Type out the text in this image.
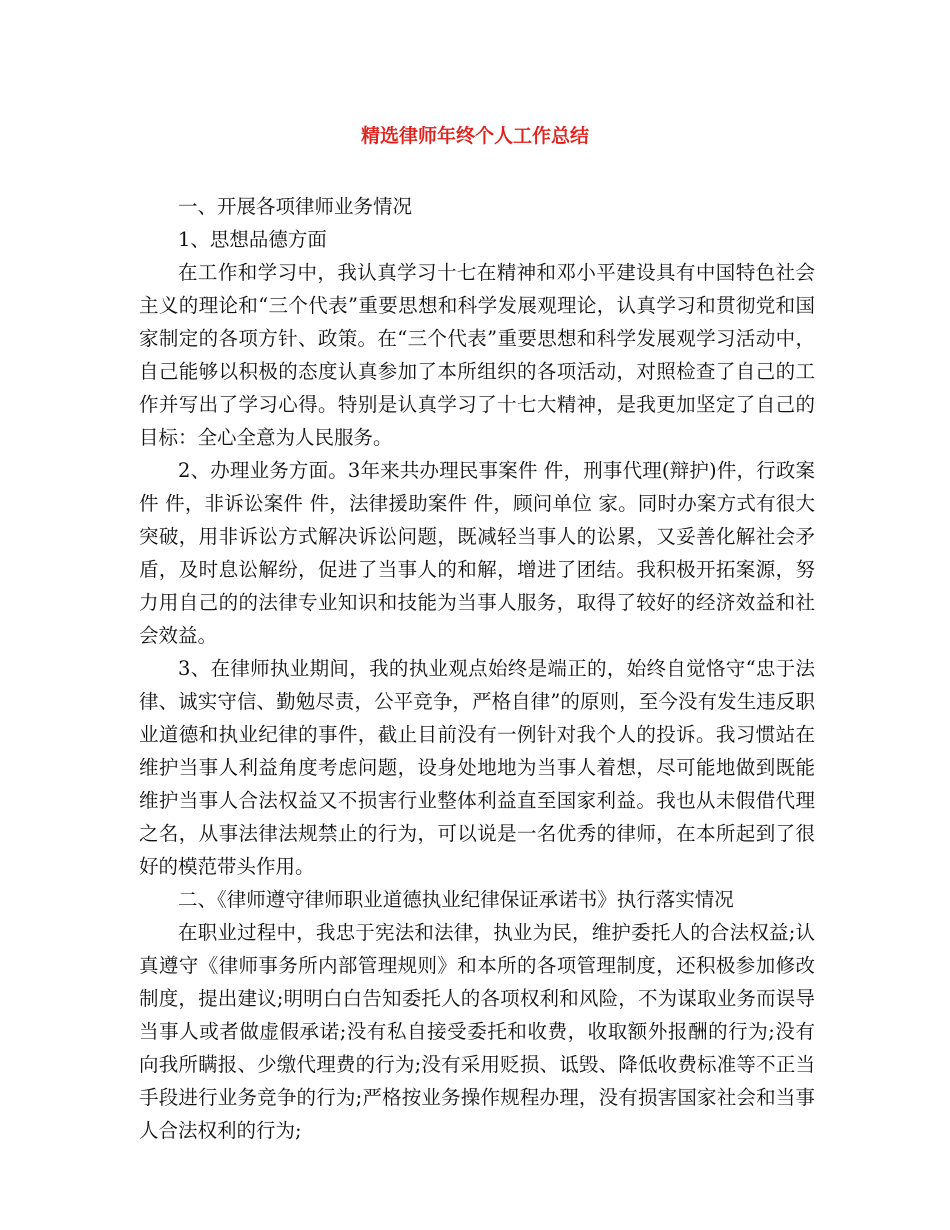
精选律师年终个人工作总结

一、开展各项律师业务情况

1、思想品德方面

在工作和学习中，我认真学习十七在精神和邓小平建设具有中国特色社会主义的理论和“三个代表”重要思想和科学发展观理论，认真学习和贯彻党和国家制定的各项方针、政策。在“三个代表”重要思想和科学发展观学习活动中，自己能够以积极的态度认真参加了本所组织的各项活动，对照检查了自己的工作并写出了学习心得。特别是认真学习了十七大精神，是我更加坚定了自己的目标：全心全意为人民服务。

2、办理业务方面。3年来共办理民事案件 件，刑事代理(辩护)件，行政案件 件，非诉讼案件 件，法律援助案件 件，顾问单位 家。同时办案方式有很大突破，用非诉讼方式解决诉讼问题，既减轻当事人的讼累，又妥善化解社会矛盾，及时息讼解纷，促进了当事人的和解，增进了团结。我积极开拓案源，努力用自己的的法律专业知识和技能为当事人服务，取得了较好的经济效益和社会效益。

3、在律师执业期间，我的执业观点始终是端正的，始终自觉恪守“忠于法律、诚实守信、勤勉尽责，公平竞争，严格自律”的原则，至今没有发生违反职业道德和执业纪律的事件，截止目前没有一例针对我个人的投诉。我习惯站在维护当事人利益角度考虑问题，设身处地地为当事人着想，尽可能地做到既能维护当事人合法权益又不损害行业整体利益直至国家利益。我也从未假借代理之名，从事法律法规禁止的行为，可以说是一名优秀的律师，在本所起到了很好的模范带头作用。

二、《律师遵守律师职业道德执业纪律保证承诺书》执行落实情况

在职业过程中，我忠于宪法和法律，执业为民，维护委托人的合法权益;认真遵守《律师事务所内部管理规则》和本所的各项管理制度，还积极参加修改制度，提出建议;明明白白告知委托人的各项权利和风险，不为谋取业务而误导当事人或者做虚假承诺;没有私自接受委托和收费，收取额外报酬的行为;没有向我所瞒报、少缴代理费的行为;没有采用贬损、诋毁、降低收费标准等不正当手段进行业务竞争的行为;严格按业务操作规程办理，没有损害国家社会和当事人合法权利的行为;
